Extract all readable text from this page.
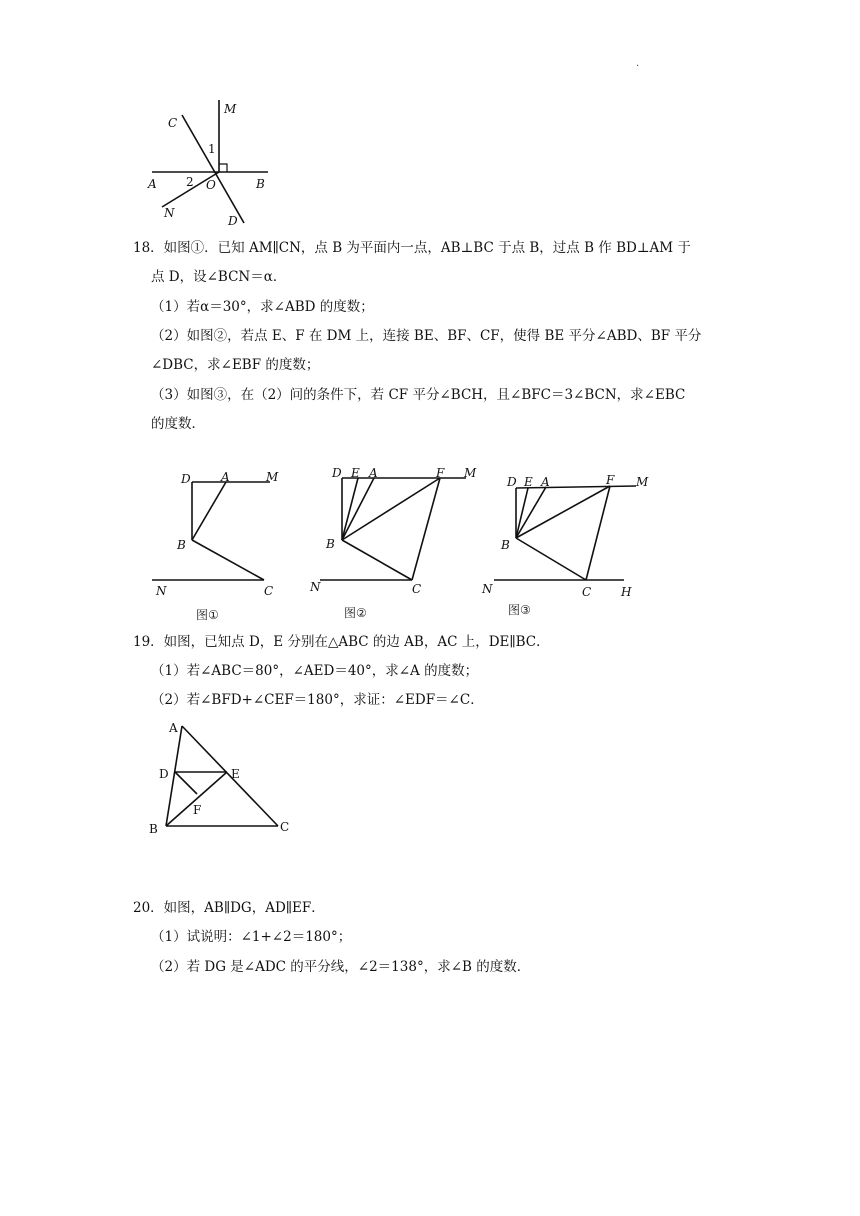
.
C
M
A	O	B
N
D
1
2
18．如图①．已知 AM∥CN，点 B 为平面内一点，AB⊥BC 于点 B，过点 B 作 BD⊥AM 于
点 D，设∠BCN＝α．
（1）若α＝30°，求∠ABD 的度数；
（2）如图②，若点 E、F 在 DM 上，连接 BE、BF、CF，使得 BE 平分∠ABD、BF 平分
∠DBC，求∠EBF 的度数；
（3）如图③，在（2）问的条件下，若 CF 平分∠BCH，且∠BFC＝3∠BCN，求∠EBC
的度数．
D	A	M
B
N	C
图①
D E A	F M
B
N	C
图②
D E A	F M
B
N	C H
图③
19．如图，已知点 D，E 分别在△ABC 的边 AB，AC 上，DE∥BC．
（1）若∠ABC＝80°，∠AED＝40°，求∠A 的度数；
（2）若∠BFD+∠CEF＝180°，求证：∠EDF＝∠C．
A
D	E
F
B	C
20．如图，AB∥DG，AD∥EF．
（1）试说明：∠1+∠2＝180°；
（2）若 DG 是∠ADC 的平分线，∠2＝138°，求∠B 的度数．
